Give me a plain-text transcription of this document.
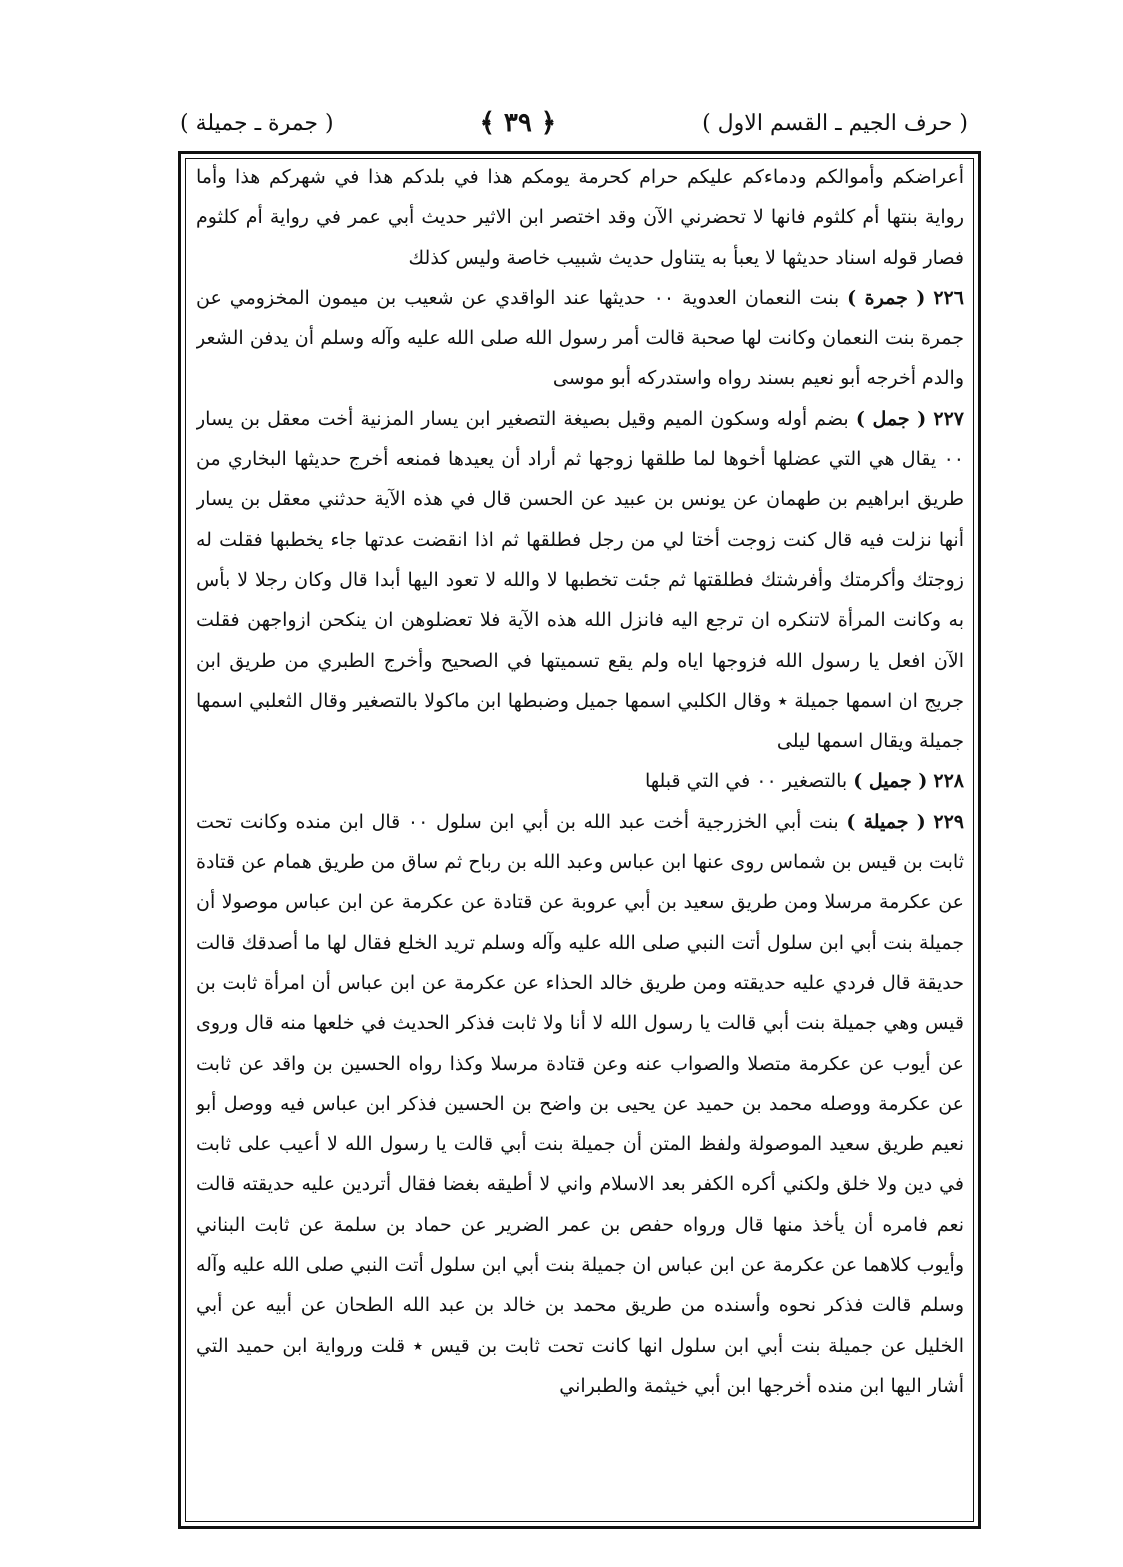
( حرف الجيم ـ القسم الاول )
﴿ ٣٩ ﴾
( جمرة ـ جميلة )

أعراضكم وأموالكم ودماءكم عليكم حرام كحرمة يومكم هذا في بلدكم هذا في شهركم هذا وأما رواية بنتها أم كلثوم فانها لا تحضرني الآن وقد اختصر ابن الاثير حديث أبي عمر في رواية أم كلثوم فصار قوله اسناد حديثها لا يعبأ به يتناول حديث شبيب خاصة وليس كذلك

٢٢٦ ( جمرة ) بنت النعمان العدوية ٠٠ حديثها عند الواقدي عن شعيب بن ميمون المخزومي عن جمرة بنت النعمان وكانت لها صحبة قالت أمر رسول الله صلى الله عليه وآله وسلم أن يدفن الشعر والدم أخرجه أبو نعيم بسند رواه واستدركه أبو موسى

٢٢٧ ( جمل ) بضم أوله وسكون الميم وقيل بصيغة التصغير ابن يسار المزنية أخت معقل بن يسار ٠٠ يقال هي التي عضلها أخوها لما طلقها زوجها ثم أراد أن يعيدها فمنعه أخرج حديثها البخاري من طريق ابراهيم بن طهمان عن يونس بن عبيد عن الحسن قال في هذه الآية حدثني معقل بن يسار أنها نزلت فيه قال كنت زوجت أختا لي من رجل فطلقها ثم اذا انقضت عدتها جاء يخطبها فقلت له زوجتك وأكرمتك وأفرشتك فطلقتها ثم جئت تخطبها لا والله لا تعود اليها أبدا قال وكان رجلا لا بأس به وكانت المرأة لاتنكره ان ترجع اليه فانزل الله هذه الآية فلا تعضلوهن ان ينكحن ازواجهن فقلت الآن افعل يا رسول الله فزوجها اياه ولم يقع تسميتها في الصحيح وأخرج الطبري من طريق ابن جريج ان اسمها جميلة ٭ وقال الكلبي اسمها جميل وضبطها ابن ماكولا بالتصغير وقال الثعلبي اسمها جميلة ويقال اسمها ليلى

٢٢٨ ( جميل ) بالتصغير ٠٠ في التي قبلها

٢٢٩ ( جميلة ) بنت أبي الخزرجية أخت عبد الله بن أبي ابن سلول ٠٠ قال ابن منده وكانت تحت ثابت بن قيس بن شماس روى عنها ابن عباس وعبد الله بن رباح ثم ساق من طريق همام عن قتادة عن عكرمة مرسلا ومن طريق سعيد بن أبي عروبة عن قتادة عن عكرمة عن ابن عباس موصولا أن جميلة بنت أبي ابن سلول أتت النبي صلى الله عليه وآله وسلم تريد الخلع فقال لها ما أصدقك قالت حديقة قال فردي عليه حديقته ومن طريق خالد الحذاء عن عكرمة عن ابن عباس أن امرأة ثابت بن قيس وهي جميلة بنت أبي قالت يا رسول الله لا أنا ولا ثابت فذكر الحديث في خلعها منه قال وروى عن أيوب عن عكرمة متصلا والصواب عنه وعن قتادة مرسلا وكذا رواه الحسين بن واقد عن ثابت عن عكرمة ووصله محمد بن حميد عن يحيى بن واضح بن الحسين فذكر ابن عباس فيه ووصل أبو نعيم طريق سعيد الموصولة ولفظ المتن أن جميلة بنت أبي قالت يا رسول الله لا أعيب على ثابت في دين ولا خلق ولكني أكره الكفر بعد الاسلام واني لا أطيقه بغضا فقال أتردين عليه حديقته قالت نعم فامره أن يأخذ منها قال ورواه حفص بن عمر الضرير عن حماد بن سلمة عن ثابت البناني وأيوب كلاهما عن عكرمة عن ابن عباس ان جميلة بنت أبي ابن سلول أتت النبي صلى الله عليه وآله وسلم قالت فذكر نحوه وأسنده من طريق محمد بن خالد بن عبد الله الطحان عن أبيه عن أبي الخليل عن جميلة بنت أبي ابن سلول انها كانت تحت ثابت بن قيس ٭ قلت ورواية ابن حميد التي أشار اليها ابن منده أخرجها ابن أبي خيثمة والطبراني
